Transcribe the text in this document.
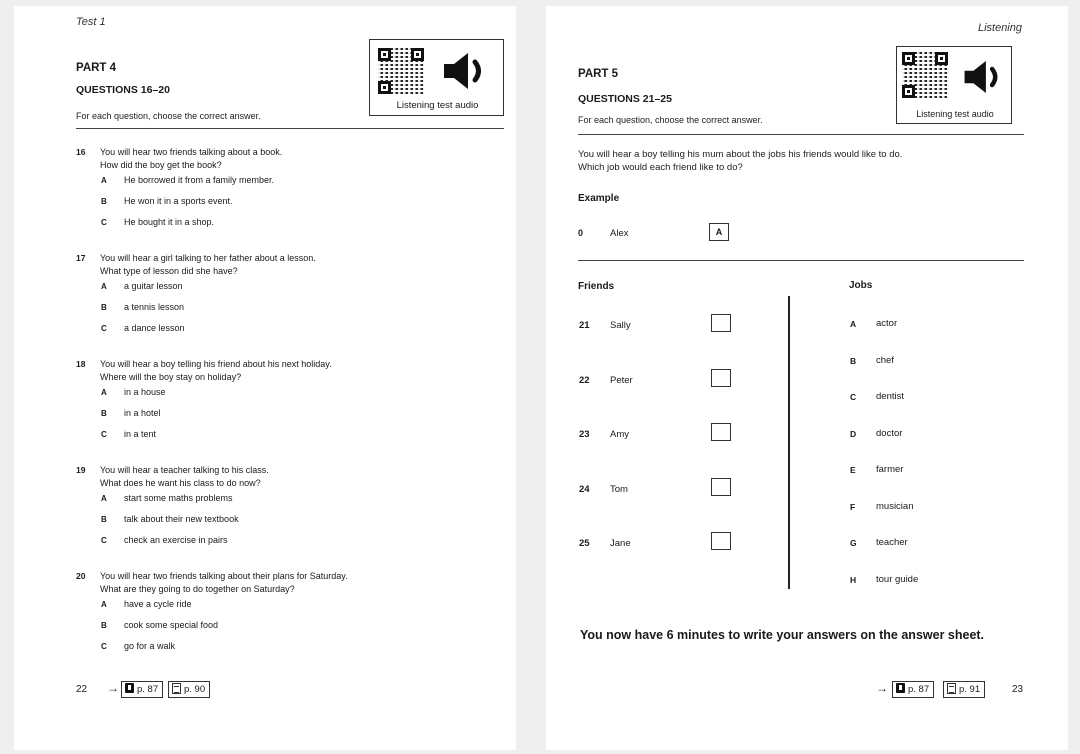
Test 1
PART 4
QUESTIONS 16–20
For each question, choose the correct answer.
Listening test audio
16 You will hear two friends talking about a book.
How did the boy get the book?
A He borrowed it from a family member.
B He won it in a sports event.
C He bought it in a shop.
17 You will hear a girl talking to her father about a lesson.
What type of lesson did she have?
A a guitar lesson
B a tennis lesson
C a dance lesson
18 You will hear a boy telling his friend about his next holiday.
Where will the boy stay on holiday?
A in a house
B in a hotel
C in a tent
19 You will hear a teacher talking to his class.
What does he want his class to do now?
A start some maths problems
B talk about their new textbook
C check an exercise in pairs
20 You will hear two friends talking about their plans for Saturday.
What are they going to do together on Saturday?
A have a cycle ride
B cook some special food
C go for a walk
22 →	p. 87	p. 90
Listening
PART 5
QUESTIONS 21–25
For each question, choose the correct answer.
Listening test audio
You will hear a boy telling his mum about the jobs his friends would like to do.
Which job would each friend like to do?
Example
0	Alex	A
Friends	Jobs
21 Sally
22 Peter
23 Amy
24 Tom
25 Jane
A actor
B chef
C dentist
D doctor
E farmer
F musician
G teacher
H tour guide
You now have 6 minutes to write your answers on the answer sheet.
→	p. 87	p. 91	23
